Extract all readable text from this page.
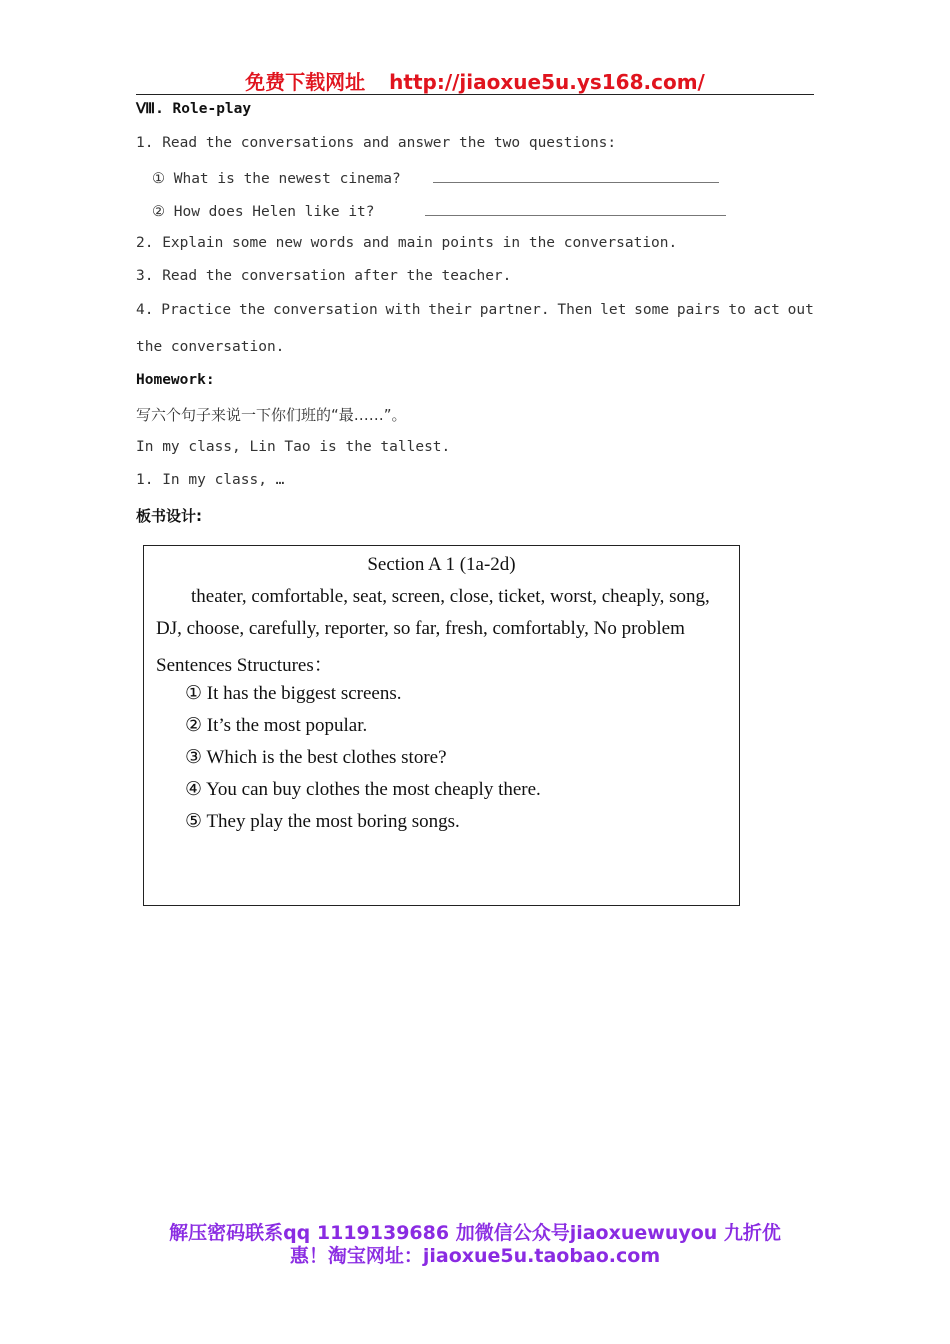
免费下载网址 http://jiaoxue5u.ys168.com/
Ⅷ. Role-play
1. Read the conversations and answer the two questions:
① What is the newest cinema?
② How does Helen like it?
2. Explain some new words and main points in the conversation.
3. Read the conversation after the teacher.
4. Practice the conversation with their partner. Then let some pairs to act out
the conversation.
Homework:
写六个句子来说一下你们班的“最……”。
In my class, Lin Tao is the tallest.
1. In my class, …
板书设计:
Section A 1 (1a-2d)
theater, comfortable, seat, screen, close, ticket, worst, cheaply, song,
DJ, choose, carefully, reporter, so far, fresh, comfortably, No problem
Sentences Structures：
① It has the biggest screens.
② It’s the most popular.
③ Which is the best clothes store?
④ You can buy clothes the most cheaply there.
⑤ They play the most boring songs.
解压密码联系qq 1119139686 加微信公众号jiaoxuewuyou 九折优
惠！淘宝网址：jiaoxue5u.taobao.com
